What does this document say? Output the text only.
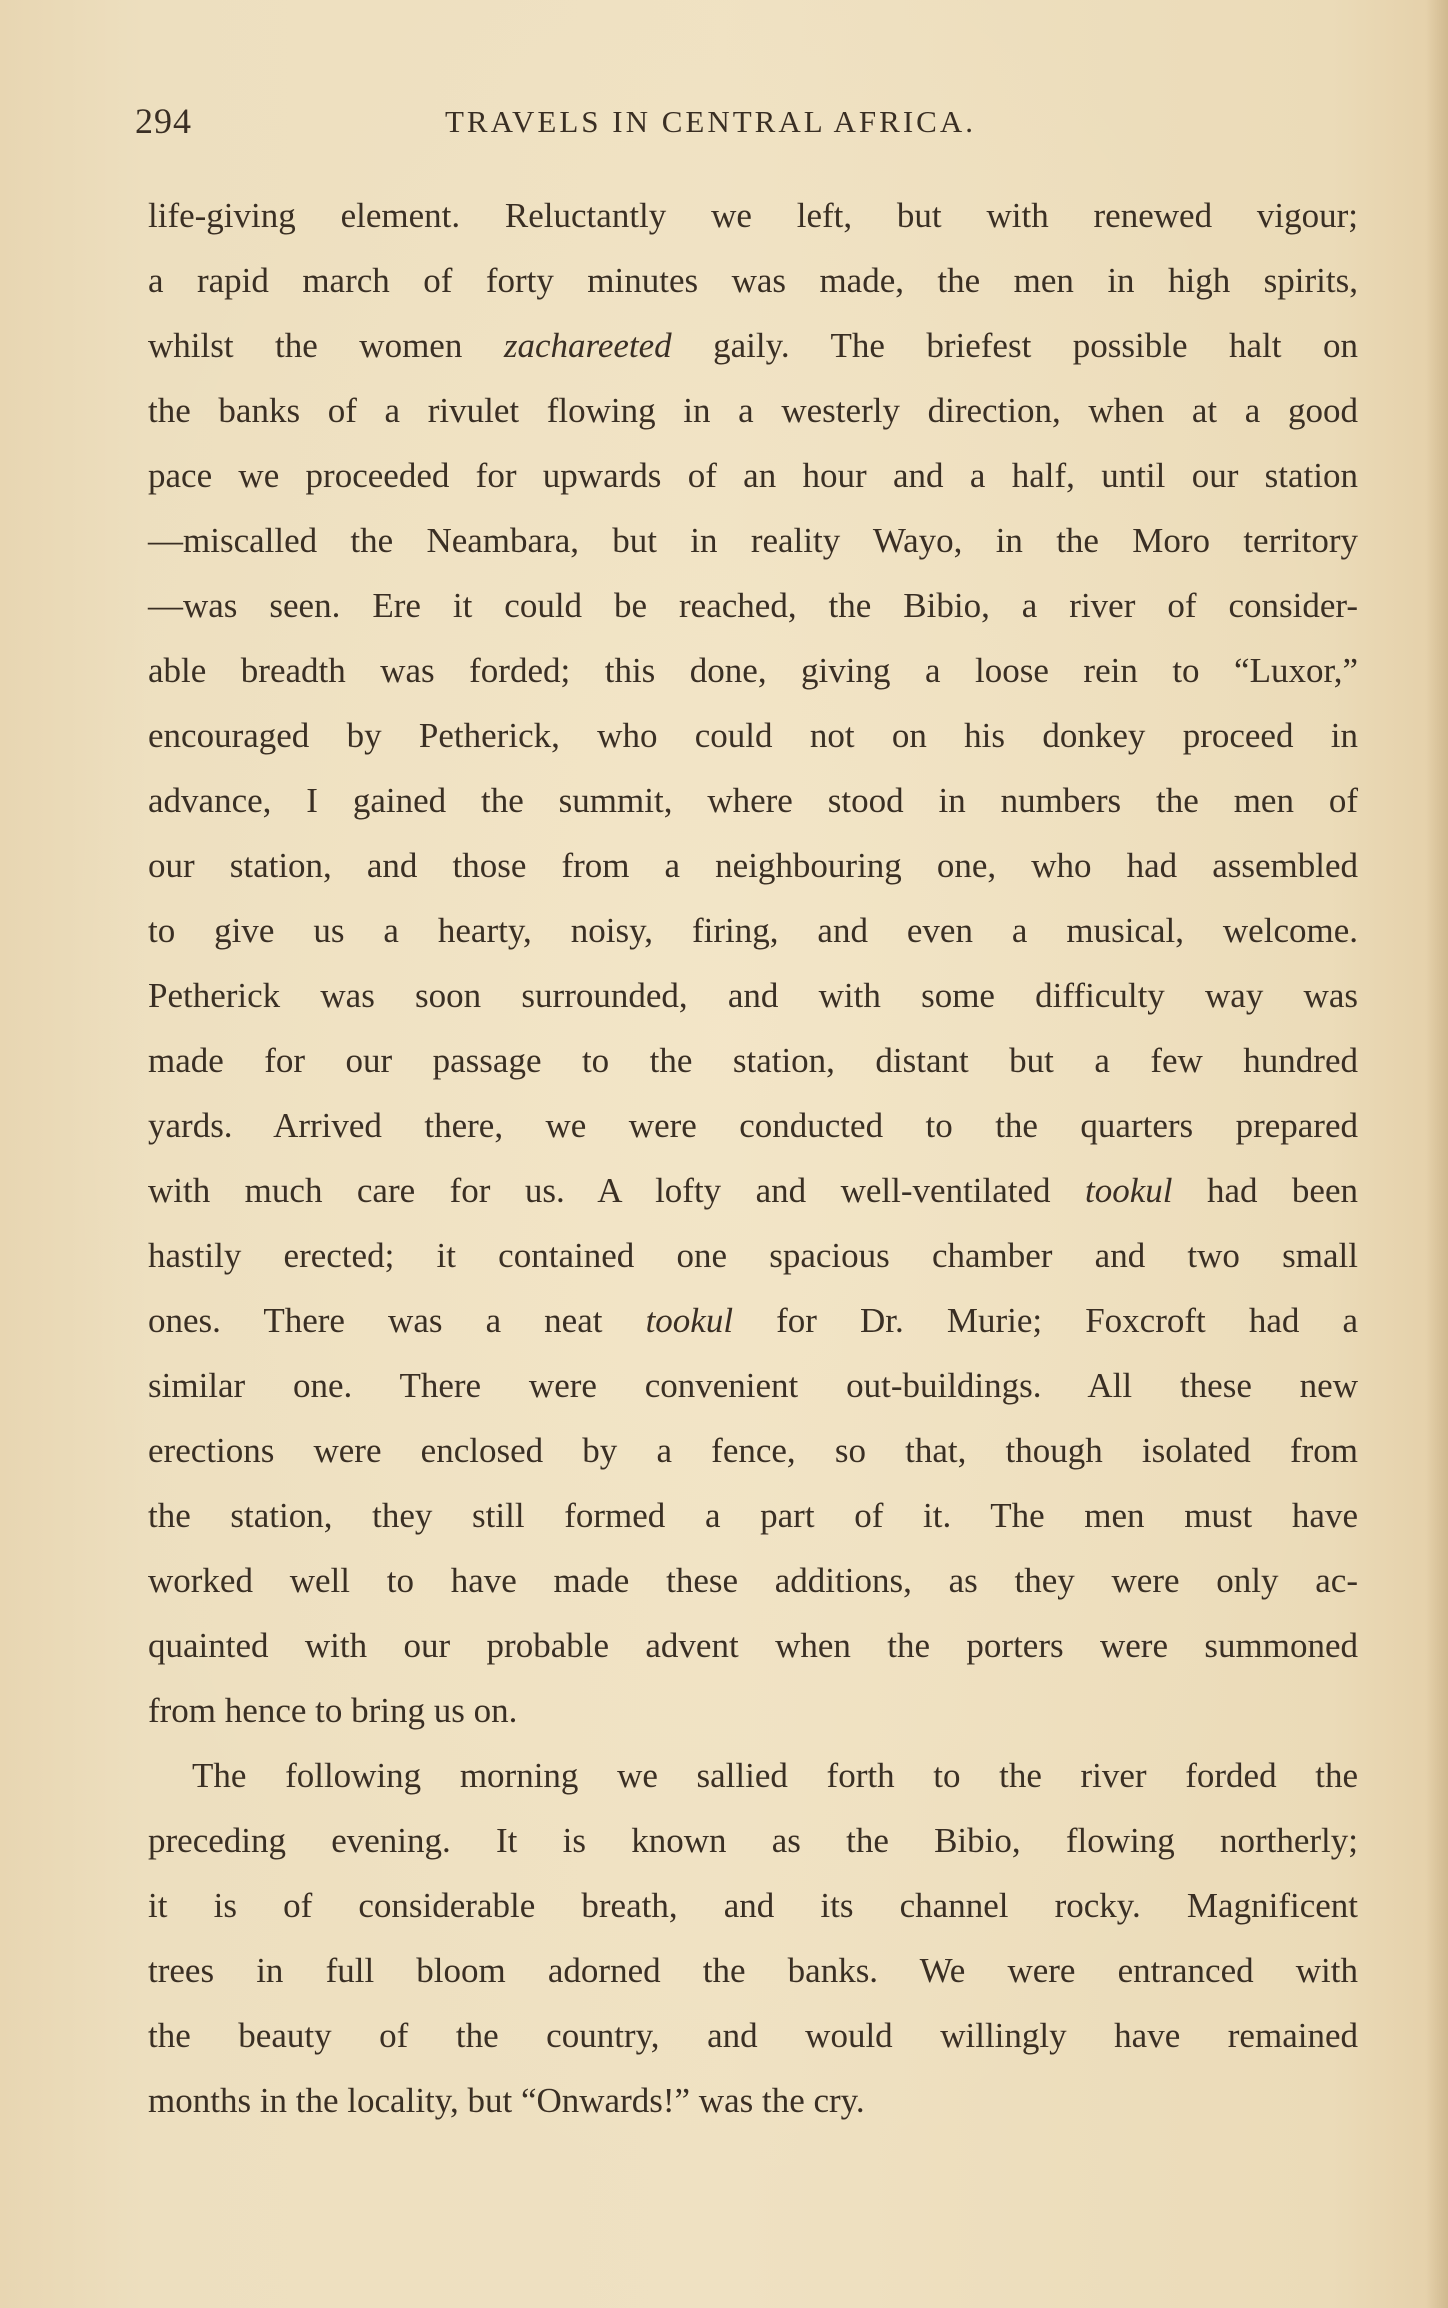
294	TRAVELS IN CENTRAL AFRICA.
life-giving element. Reluctantly we left, but with renewed vigour;
a rapid march of forty minutes was made, the men in high spirits,
whilst the women zachareeted gaily. The briefest possible halt on
the banks of a rivulet flowing in a westerly direction, when at a good
pace we proceeded for upwards of an hour and a half, until our station
—miscalled the Neambara, but in reality Wayo, in the Moro territory
—was seen. Ere it could be reached, the Bibio, a river of consider-
able breadth was forded; this done, giving a loose rein to “Luxor,”
encouraged by Petherick, who could not on his donkey proceed in
advance, I gained the summit, where stood in numbers the men of
our station, and those from a neighbouring one, who had assembled
to give us a hearty, noisy, firing, and even a musical, welcome.
Petherick was soon surrounded, and with some difficulty way was
made for our passage to the station, distant but a few hundred
yards. Arrived there, we were conducted to the quarters prepared
with much care for us. A lofty and well-ventilated tookul had been
hastily erected; it contained one spacious chamber and two small
ones. There was a neat tookul for Dr. Murie; Foxcroft had a
similar one. There were convenient out-buildings. All these new
erections were enclosed by a fence, so that, though isolated from
the station, they still formed a part of it. The men must have
worked well to have made these additions, as they were only ac-
quainted with our probable advent when the porters were summoned
from hence to bring us on.
The following morning we sallied forth to the river forded the
preceding evening. It is known as the Bibio, flowing northerly;
it is of considerable breath, and its channel rocky. Magnificent
trees in full bloom adorned the banks. We were entranced with
the beauty of the country, and would willingly have remained
months in the locality, but “Onwards!” was the cry.
